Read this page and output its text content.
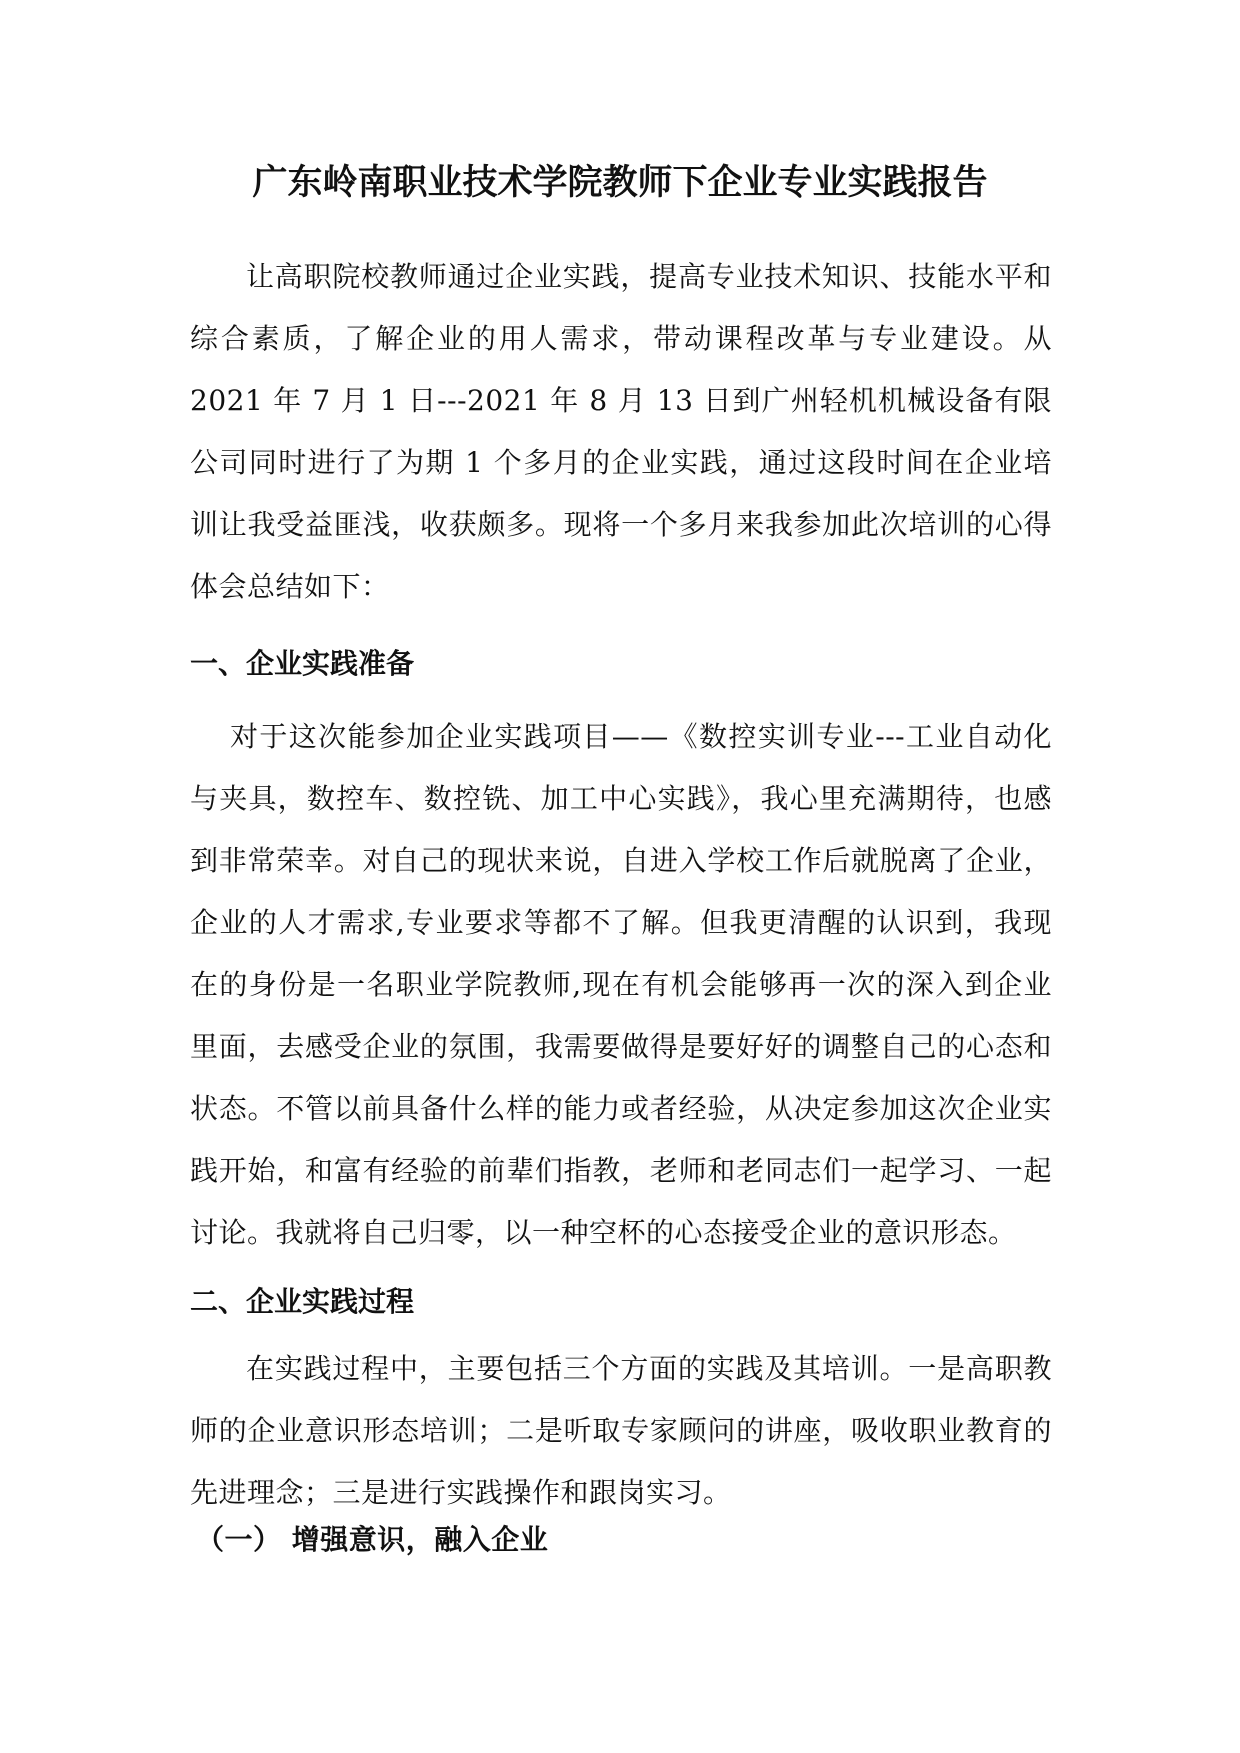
广东岭南职业技术学院教师下企业专业实践报告

让高职院校教师通过企业实践，提高专业技术知识、技能水平和综合素质，了解企业的用人需求，带动课程改革与专业建设。从 2021 年 7 月 1 日---2021 年 8 月 13 日到广州轻机机械设备有限公司同时进行了为期 1 个多月的企业实践，通过这段时间在企业培训让我受益匪浅，收获颇多。现将一个多月来我参加此次培训的心得体会总结如下：

一、企业实践准备

对于这次能参加企业实践项目——《数控实训专业---工业自动化与夹具，数控车、数控铣、加工中心实践》，我心里充满期待，也感到非常荣幸。对自己的现状来说，自进入学校工作后就脱离了企业，企业的人才需求,专业要求等都不了解。但我更清醒的认识到，我现在的身份是一名职业学院教师,现在有机会能够再一次的深入到企业里面，去感受企业的氛围，我需要做得是要好好的调整自己的心态和状态。不管以前具备什么样的能力或者经验，从决定参加这次企业实践开始，和富有经验的前辈们指教，老师和老同志们一起学习、一起讨论。我就将自己归零，以一种空杯的心态接受企业的意识形态。

二、企业实践过程

在实践过程中，主要包括三个方面的实践及其培训。一是高职教师的企业意识形态培训；二是听取专家顾问的讲座，吸收职业教育的先进理念；三是进行实践操作和跟岗实习。

（一） 增强意识，融入企业
